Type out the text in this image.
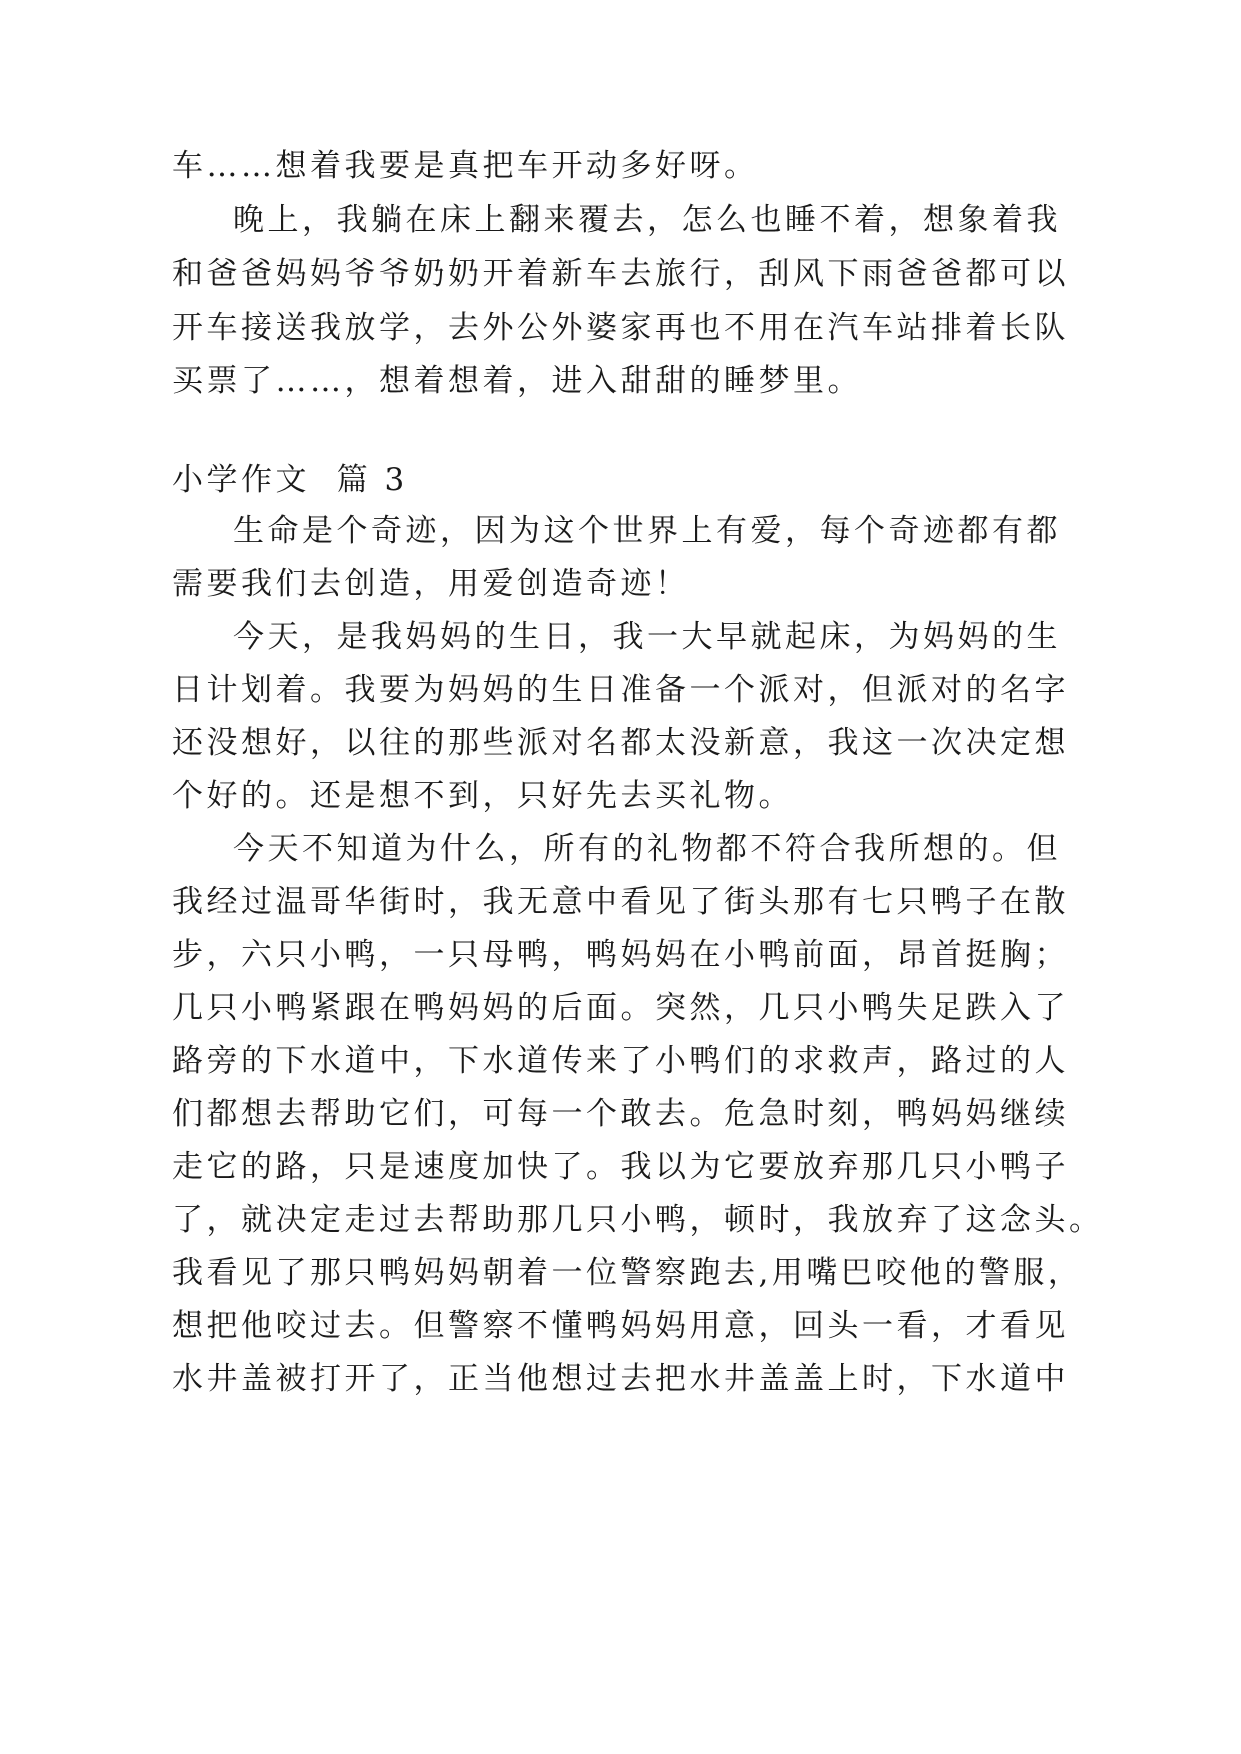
车……想着我要是真把车开动多好呀。
晚上，我躺在床上翻来覆去，怎么也睡不着，想象着我
和爸爸妈妈爷爷奶奶开着新车去旅行，刮风下雨爸爸都可以
开车接送我放学，去外公外婆家再也不用在汽车站排着长队
买票了……，想着想着，进入甜甜的睡梦里。
小学作文  篇 3
生命是个奇迹，因为这个世界上有爱，每个奇迹都有都
需要我们去创造，用爱创造奇迹！
今天，是我妈妈的生日，我一大早就起床，为妈妈的生
日计划着。我要为妈妈的生日准备一个派对，但派对的名字
还没想好，以往的那些派对名都太没新意，我这一次决定想
个好的。还是想不到，只好先去买礼物。
今天不知道为什么，所有的礼物都不符合我所想的。但
我经过温哥华街时，我无意中看见了街头那有七只鸭子在散
步，六只小鸭，一只母鸭，鸭妈妈在小鸭前面，昂首挺胸；
几只小鸭紧跟在鸭妈妈的后面。突然，几只小鸭失足跌入了
路旁的下水道中，下水道传来了小鸭们的求救声，路过的人
们都想去帮助它们，可每一个敢去。危急时刻，鸭妈妈继续
走它的路，只是速度加快了。我以为它要放弃那几只小鸭子
了，就决定走过去帮助那几只小鸭，顿时，我放弃了这念头。
我看见了那只鸭妈妈朝着一位警察跑去,用嘴巴咬他的警服，
想把他咬过去。但警察不懂鸭妈妈用意，回头一看，才看见
水井盖被打开了，正当他想过去把水井盖盖上时，下水道中
